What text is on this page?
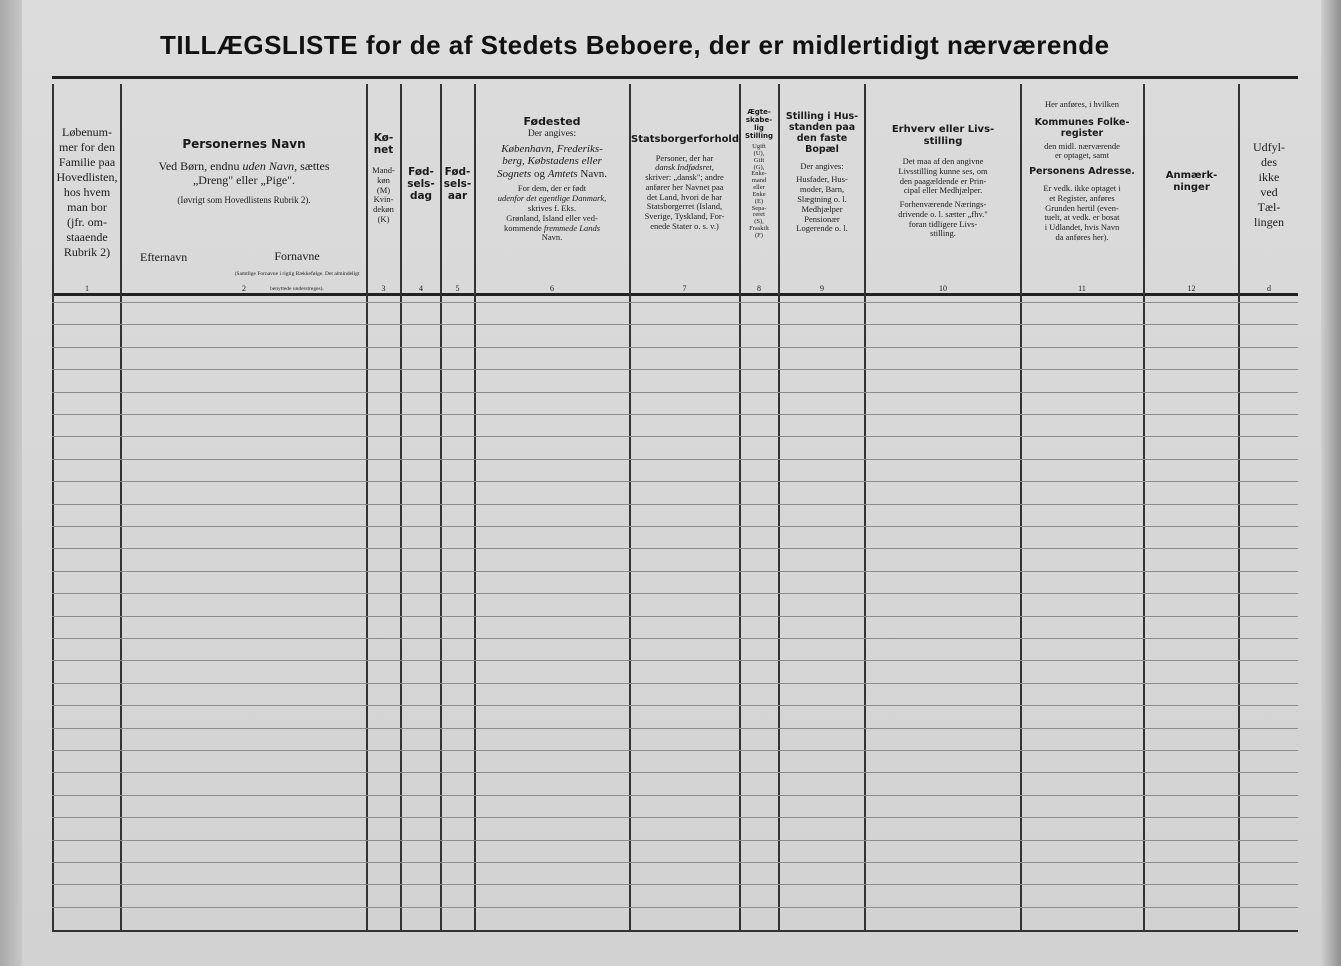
TILLÆGSLISTE for de af Stedets Beboere, der er midlertidigt nærværende
Løbenum-
mer for den
Familie paa
Hovedlisten,
hos hvem
man bor
(jfr. om-
staaende
Rubrik 2)
1
Personernes Navn
Ved Børn, endnu uden Navn, sættes
„Dreng" eller „Pige".
(Iøvrigt som Hovedlistens Rubrik 2).
Efternavn	Fornavne
(Samtlige Fornavne i rigtig Rækkefølge. Det almindeligt benyttede understreges).
2
Kø-
net
Mand-
køn
(M)
Kvin-
dekøn
(K)
3
Fød-
sels-
dag
4
Fød-
sels-
aar
5
Fødested
Der angives:
København, Frederiks-
berg, Købstadens eller
Sognets og Amtets Navn.
For dem, der er født
udenfor det egentlige Danmark,
skrives f. Eks.
Grønland, Island eller ved-
kommende fremmede Lands
Navn.
6
Statsborgerforhold
Personer, der har
dansk Indfødsret,
skriver: „dansk"; andre
anfører her Navnet paa
det Land, hvori de har
Statsborgerret (Island,
Sverige, Tyskland, For-
enede Stater o. s. v.)
7
Ægte-
skabe-
lig
Stilling
Ugift
(U),
Gift
(G),
Enke-
mand
eller
Enke
(E)
Sepa-
reret
(S),
Fraskilt
(F)
8
Stilling i Hus-
standen paa
den faste
Bopæl
Der angives:
Husfader, Hus-
moder, Barn,
Slægtning o. l.
Medhjælper
Pensionær
Logerende o. l.
9
Erhverv eller Livs-
stilling
Det maa af den angivne
Livsstilling kunne ses, om
den paagældende er Prin-
cipal eller Medhjælper.
Forhenværende Nærings-
drivende o. l. sætter „fhv."
foran tidligere Livs-
stilling.
10
Her anføres, i hvilken
Kommunes Folke-
register
den midl. nærværende
er optaget, samt
Personens Adresse.
Er vedk. ikke optaget i
et Register, anføres
Grunden hertil (even-
tuelt, at vedk. er bosat
i Udlandet, hvis Navn
da anføres her).
11
Anmærk-
ninger
12
Udfyl-
des
ikke
ved
Tæl-
lingen
d
